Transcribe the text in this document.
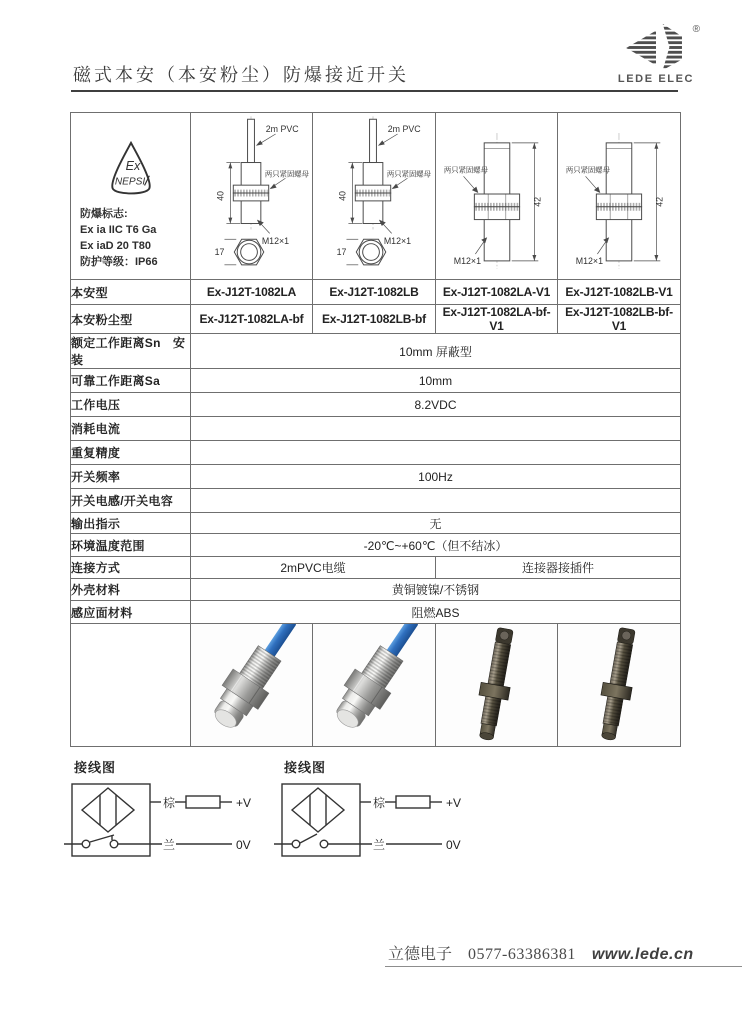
磁式本安（本安粉尘）防爆接近开关	LEDE ELEC
®
Ex
NEPSI
防爆标志:
Ex ia IIC T6 Ga
Ex iaD 20 T80
防护等级：IP66

2m PVC
40
两只紧固螺母
M12×1
17

2m PVC
40
两只紧固螺母
M12×1
17

两只紧固螺母
42
M12×1

两只紧固螺母
42
M12×1

本安型	Ex-J12T-1082LA	Ex-J12T-1082LB	Ex-J12T-1082LA-V1	Ex-J12T-1082LB-V1
本安粉尘型	Ex-J12T-1082LA-bf	Ex-J12T-1082LB-bf	Ex-J12T-1082LA-bf-V1	Ex-J12T-1082LB-bf-V1
额定工作距离Sn　安装	10mm 屏蔽型			
可靠工作距离Sa	10mm			
工作电压	8.2VDC			
消耗电流				
重复精度				
开关频率	100Hz			
开关电感/开关电容				
输出指示	无			
环境温度范围	-20℃~+60℃（但不结冰）			
连接方式	2mPVC电缆		连接器接插件	
外壳材料	黄铜镀镍/不锈钢			
感应面材料	阻燃ABS			

接线图
棕
兰
+V
0V
接线图
棕
兰
+V
0V
立德电子 0577-63386381 www.lede.cn
